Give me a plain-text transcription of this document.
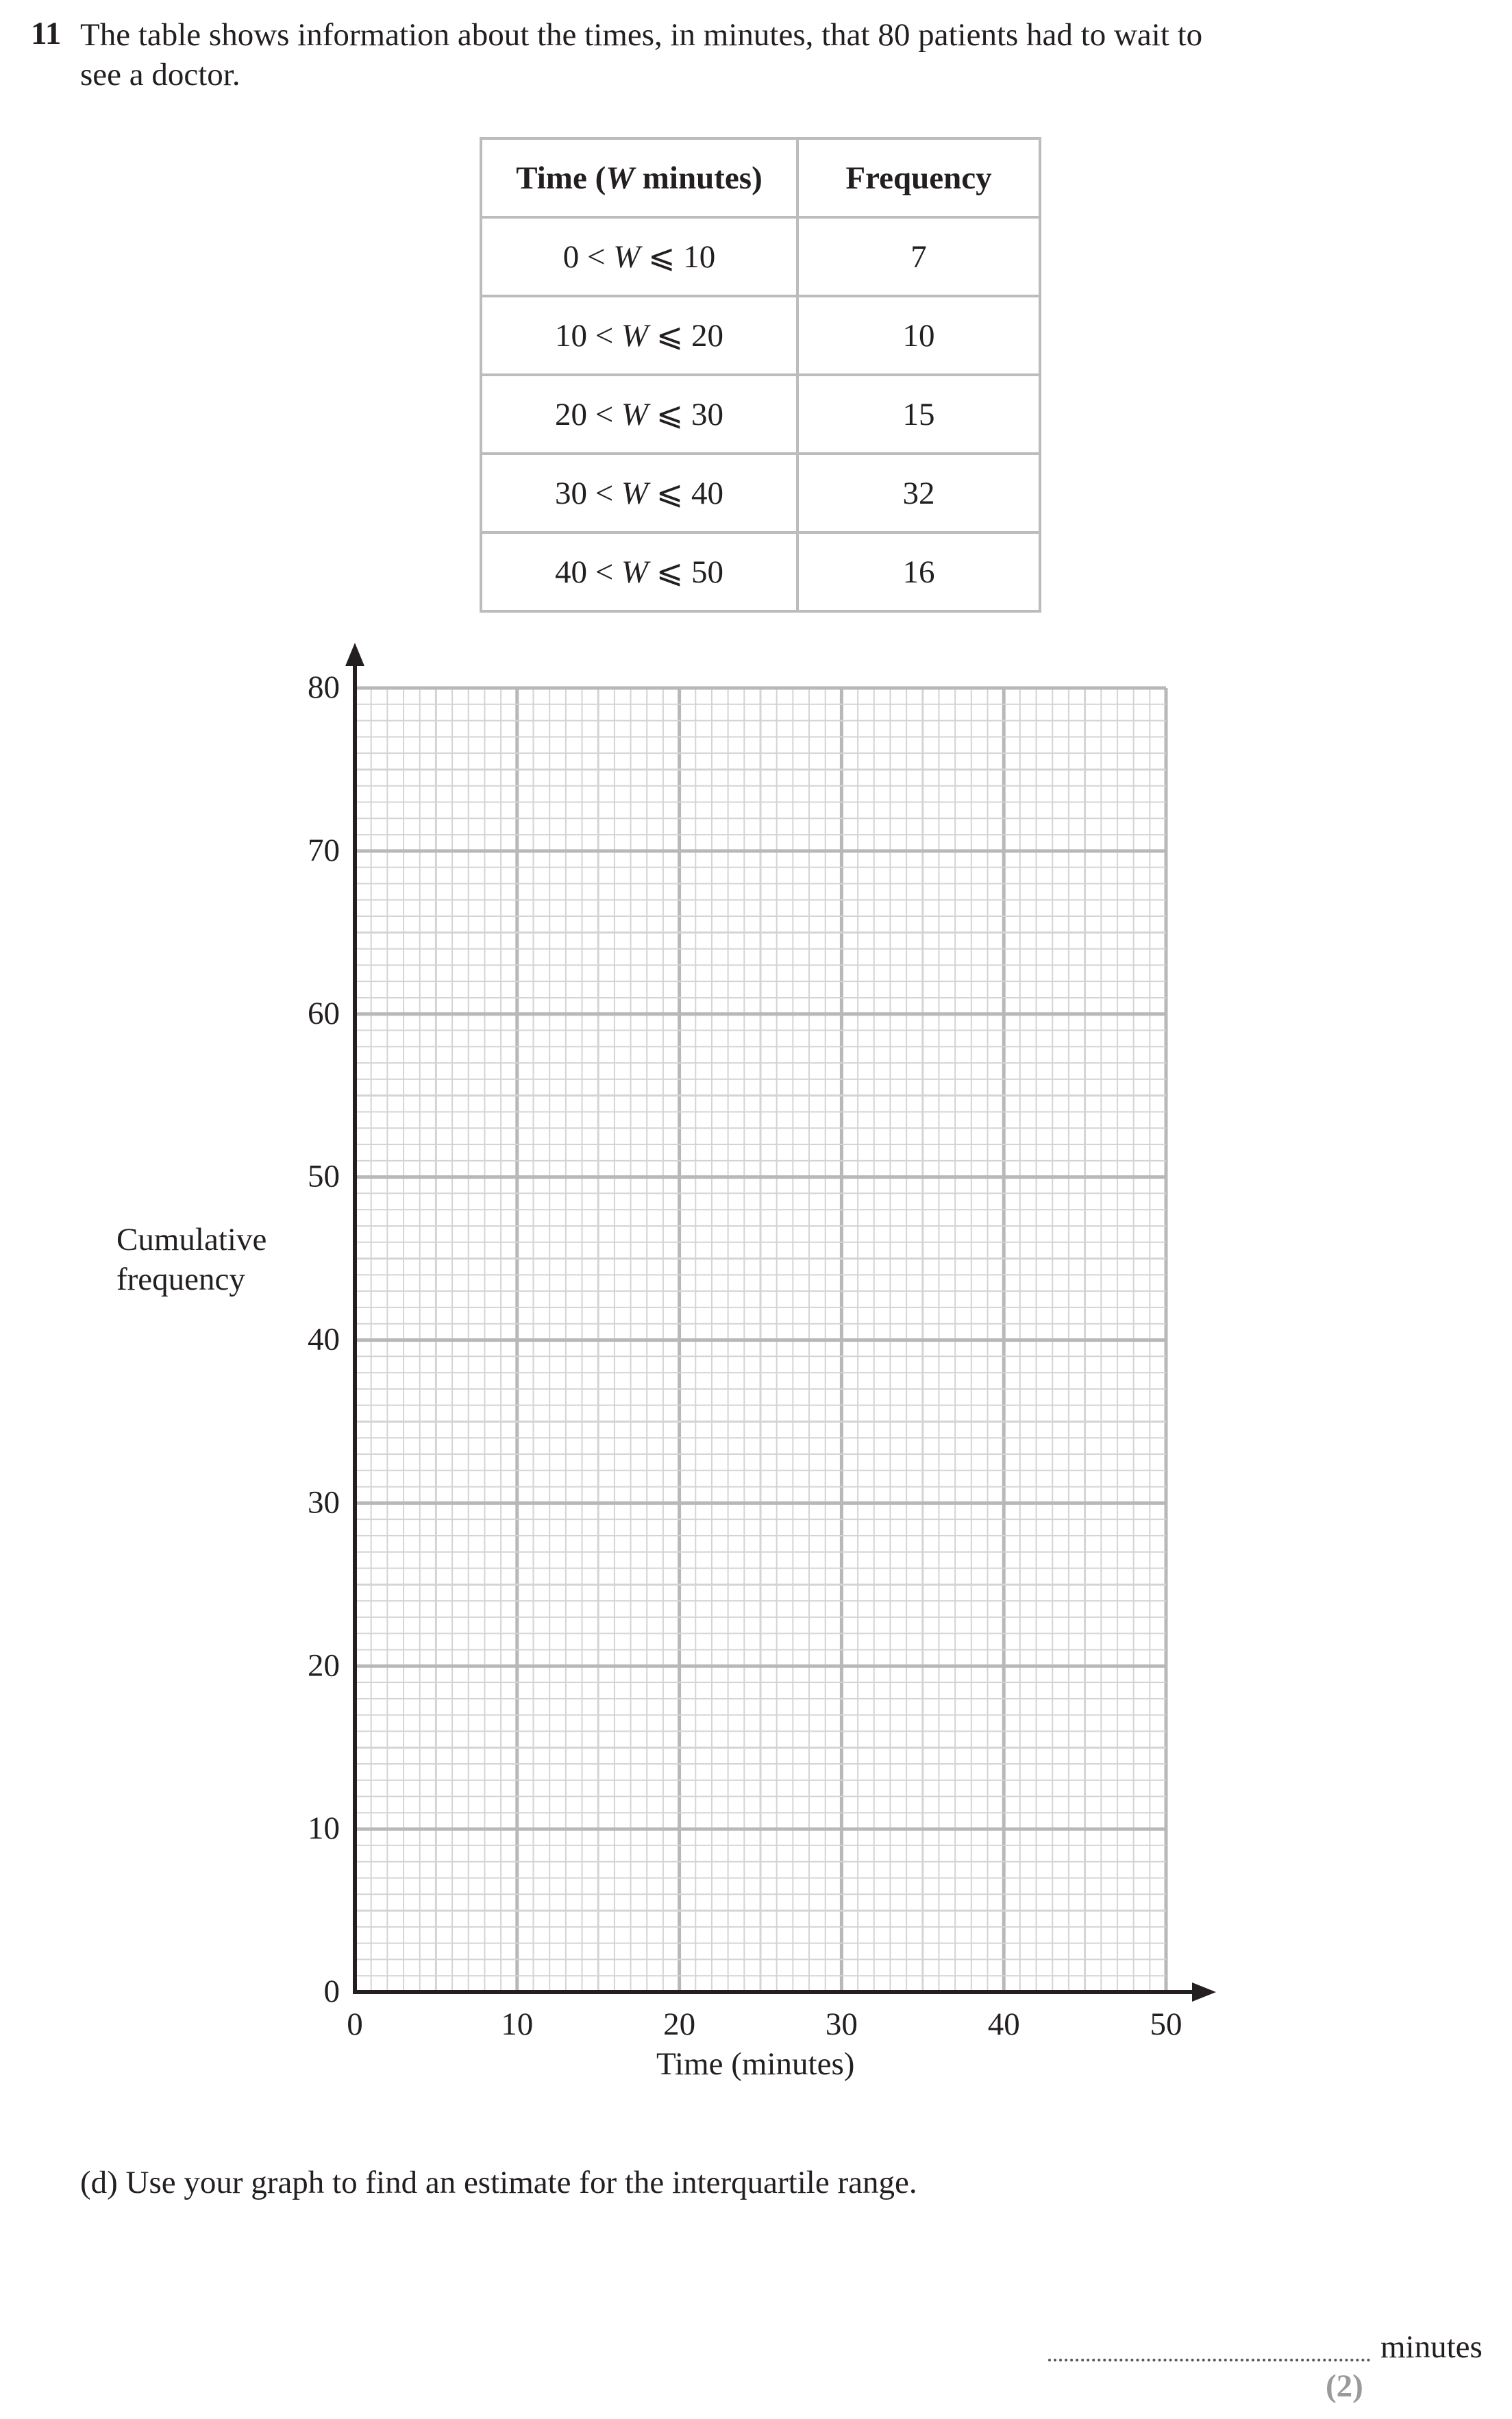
11 The table shows information about the times, in minutes, that 80 patients had to wait to
see a doctor.
Time (W minutes)	Frequency
0 < W ⩽ 10	7
10 < W ⩽ 20	10
20 < W ⩽ 30	15
30 < W ⩽ 40	32
40 < W ⩽ 50	16
0	10	20	30	40	50
0
10
20
30
40
50
60
70
80
Cumulative
frequency
Time (minutes)
(d) Use your graph to find an estimate for the interquartile range.
minutes
(2)
